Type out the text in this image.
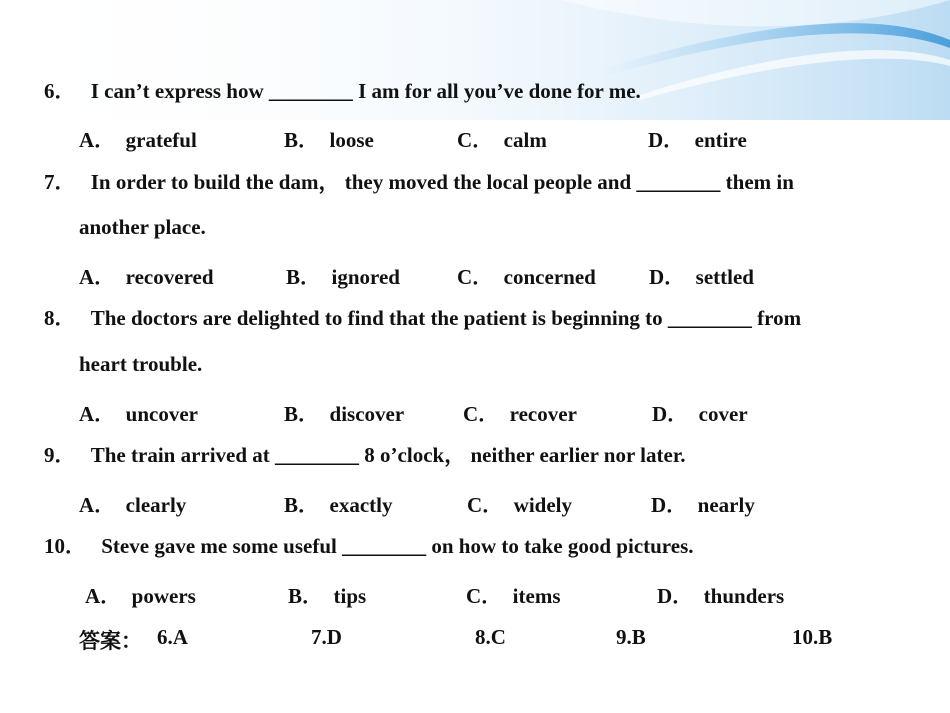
6． I can’t express how ________ I am for all you’ve done for me.
A． grateful	B． loose	C． calm	D． entire
7． In order to build the dam， they moved the local people and ________ them in
another place.
A． recovered	B． ignored	C． concerned	D． settled
8． The doctors are delighted to find that the patient is beginning to ________ from
heart trouble.
A． uncover	B． discover	C． recover	D． cover
9． The train arrived at ________ 8 o’clock， neither earlier nor later.
A． clearly	B． exactly	C． widely	D． nearly
10． Steve gave me some useful ________ on how to take good pictures.
A． powers	B． tips	C． items	D． thunders
答案： 6.A	7.D	8.C	9.B	10.B
